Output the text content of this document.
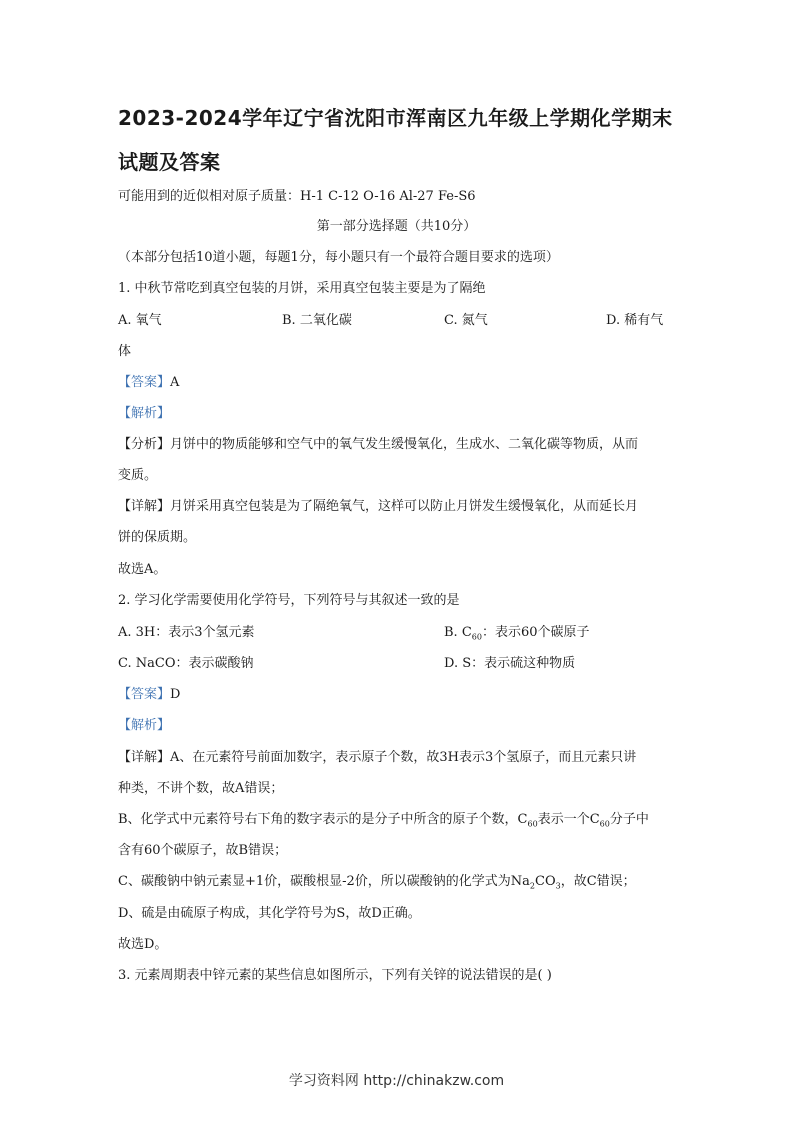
2023-2024学年辽宁省沈阳市浑南区九年级上学期化学期末
试题及答案
可能用到的近似相对原子质量：H-1 C-12 O-16 Al-27 Fe-S6
第一部分选择题（共10分）
（本部分包括10道小题，每题1分，每小题只有一个最符合题目要求的选项）
1. 中秋节常吃到真空包装的月饼，采用真空包装主要是为了隔绝
A. 氧气	B. 二氧化碳	C. 氮气	D. 稀有气
体
【答案】A
【解析】
【分析】月饼中的物质能够和空气中的氧气发生缓慢氧化，生成水、二氧化碳等物质，从而
变质。
【详解】月饼采用真空包装是为了隔绝氧气，这样可以防止月饼发生缓慢氧化，从而延长月
饼的保质期。
故选A。
2. 学习化学需要使用化学符号，下列符号与其叙述一致的是
A. 3H：表示3个氢元素	B. $C_{60}$：表示60个碳原子
C. NaCO：表示碳酸钠	D. S：表示硫这种物质
【答案】D
【解析】
【详解】A、在元素符号前面加数字，表示原子个数，故3H表示3个氢原子，而且元素只讲
种类，不讲个数，故A错误；
B、化学式中元素符号右下角的数字表示的是分子中所含的原子个数，$C_{60}$表示一个$C_{60}$分子中
含有60个碳原子，故B错误；
C、碳酸钠中钠元素显+1价，碳酸根显-2价，所以碳酸钠的化学式为$Na_2CO_3$，故C错误；
D、硫是由硫原子构成，其化学符号为S，故D正确。
故选D。
3. 元素周期表中锌元素的某些信息如图所示，下列有关锌的说法错误的是( )
学习资料网 http://chinakzw.com
